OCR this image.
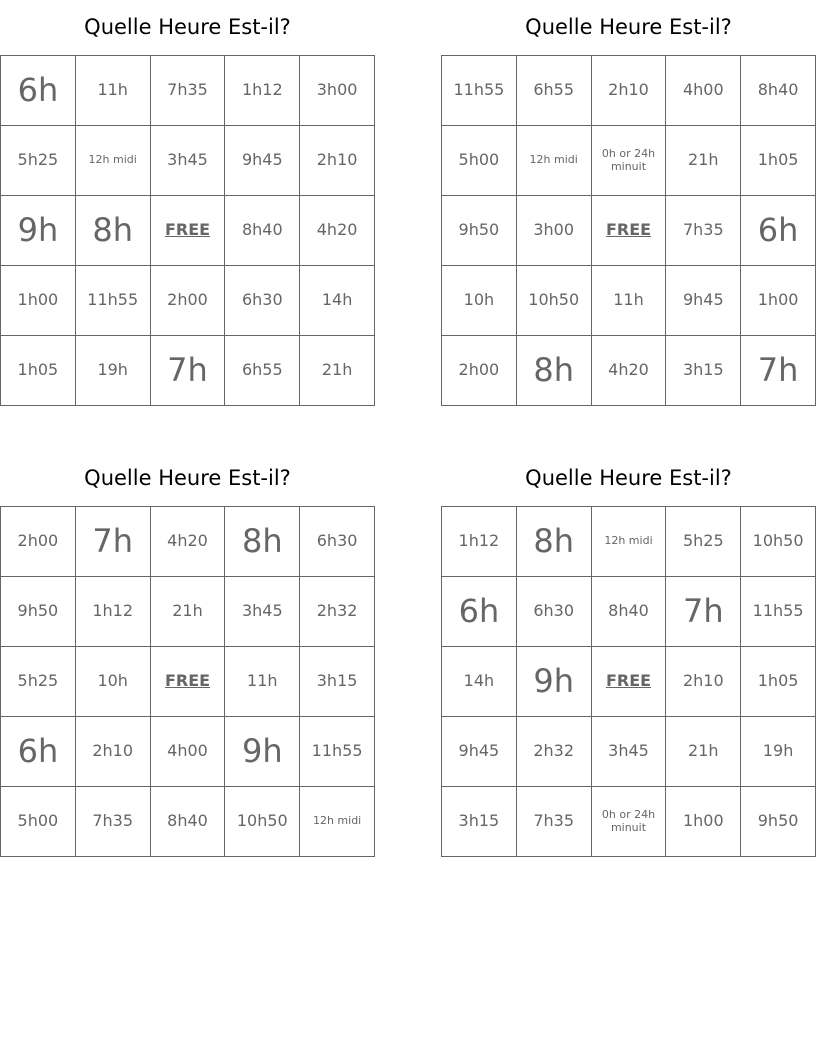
Quelle Heure Est-il?
6h	11h	7h35	1h12	3h00
5h25	12h midi	3h45	9h45	2h10
9h	8h	FREE	8h40	4h20
1h00	11h55	2h00	6h30	14h
1h05	19h	7h	6h55	21h
Quelle Heure Est-il?
11h55	6h55	2h10	4h00	8h40
5h00	12h midi	0h or 24h minuit	21h	1h05
9h50	3h00	FREE	7h35	6h
10h	10h50	11h	9h45	1h00
2h00	8h	4h20	3h15	7h
Quelle Heure Est-il?
2h00	7h	4h20	8h	6h30
9h50	1h12	21h	3h45	2h32
5h25	10h	FREE	11h	3h15
6h	2h10	4h00	9h	11h55
5h00	7h35	8h40	10h50	12h midi
Quelle Heure Est-il?
1h12	8h	12h midi	5h25	10h50
6h	6h30	8h40	7h	11h55
14h	9h	FREE	2h10	1h05
9h45	2h32	3h45	21h	19h
3h15	7h35	0h or 24h minuit	1h00	9h50
